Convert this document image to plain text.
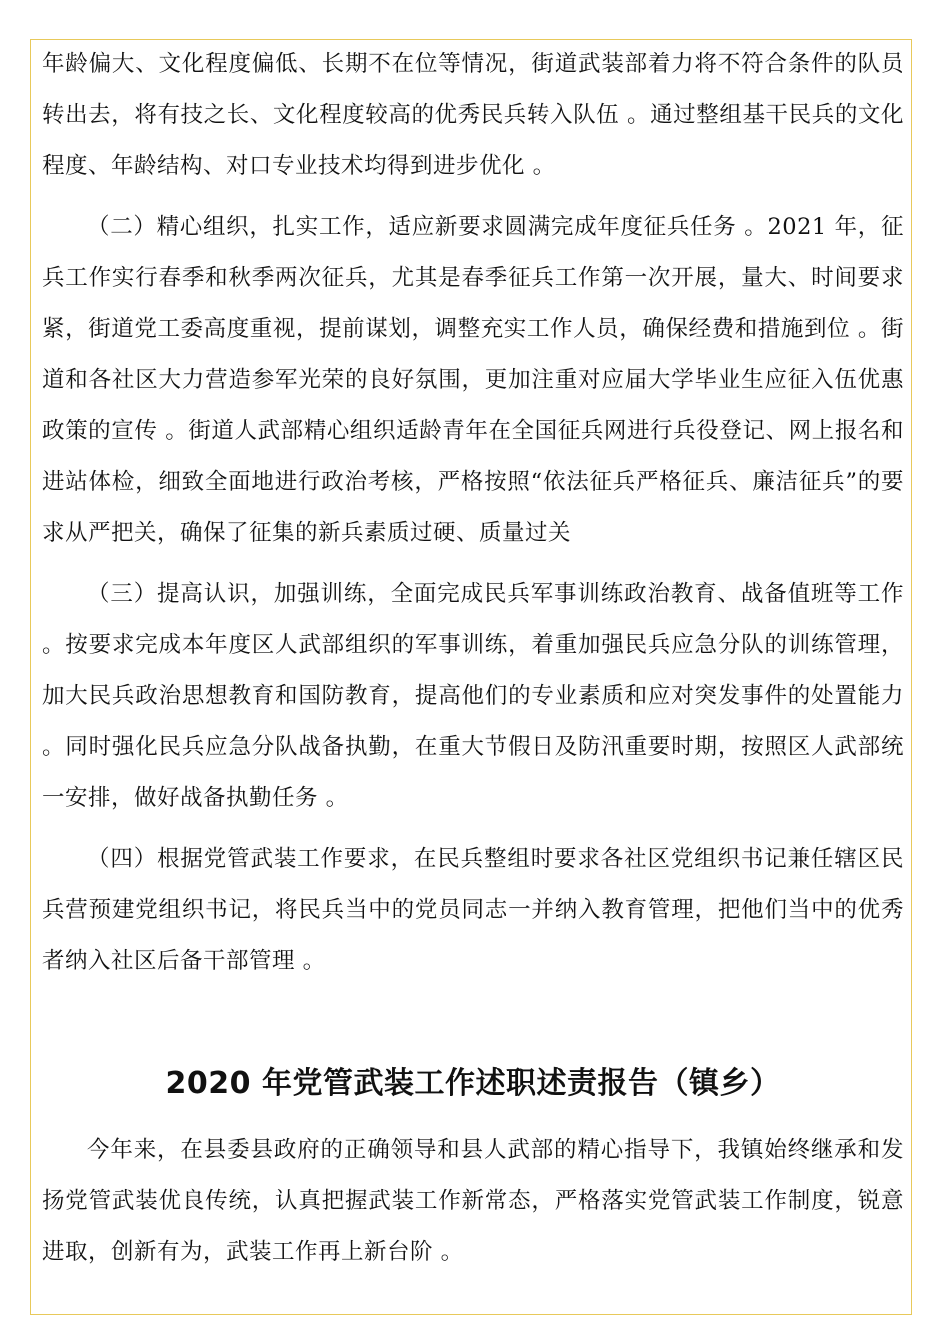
年龄偏大、文化程度偏低、长期不在位等情况，街道武装部着力将不符合条件的队员转出去，将有技之长、文化程度较高的优秀民兵转入队伍 。通过整组基干民兵的文化程度、年龄结构、对口专业技术均得到进步优化 。

（二）精心组织，扎实工作，适应新要求圆满完成年度征兵任务 。2021 年，征兵工作实行春季和秋季两次征兵，尤其是春季征兵工作第一次开展，量大、时间要求紧，街道党工委高度重视，提前谋划，调整充实工作人员，确保经费和措施到位 。街道和各社区大力营造参军光荣的良好氛围，更加注重对应届大学毕业生应征入伍优惠政策的宣传 。街道人武部精心组织适龄青年在全国征兵网进行兵役登记、网上报名和进站体检，细致全面地进行政治考核，严格按照“依法征兵严格征兵、廉洁征兵”的要求从严把关，确保了征集的新兵素质过硬、质量过关

（三）提高认识，加强训练，全面完成民兵军事训练政治教育、战备值班等工作 。按要求完成本年度区人武部组织的军事训练，着重加强民兵应急分队的训练管理，加大民兵政治思想教育和国防教育，提高他们的专业素质和应对突发事件的处置能力 。同时强化民兵应急分队战备执勤，在重大节假日及防汛重要时期，按照区人武部统一安排，做好战备执勤任务 。

（四）根据党管武装工作要求，在民兵整组时要求各社区党组织书记兼任辖区民兵营预建党组织书记，将民兵当中的党员同志一并纳入教育管理，把他们当中的优秀者纳入社区后备干部管理 。

2020 年党管武装工作述职述责报告（镇乡）

今年来，在县委县政府的正确领导和县人武部的精心指导下，我镇始终继承和发扬党管武装优良传统，认真把握武装工作新常态，严格落实党管武装工作制度，锐意进取，创新有为，武装工作再上新台阶 。
